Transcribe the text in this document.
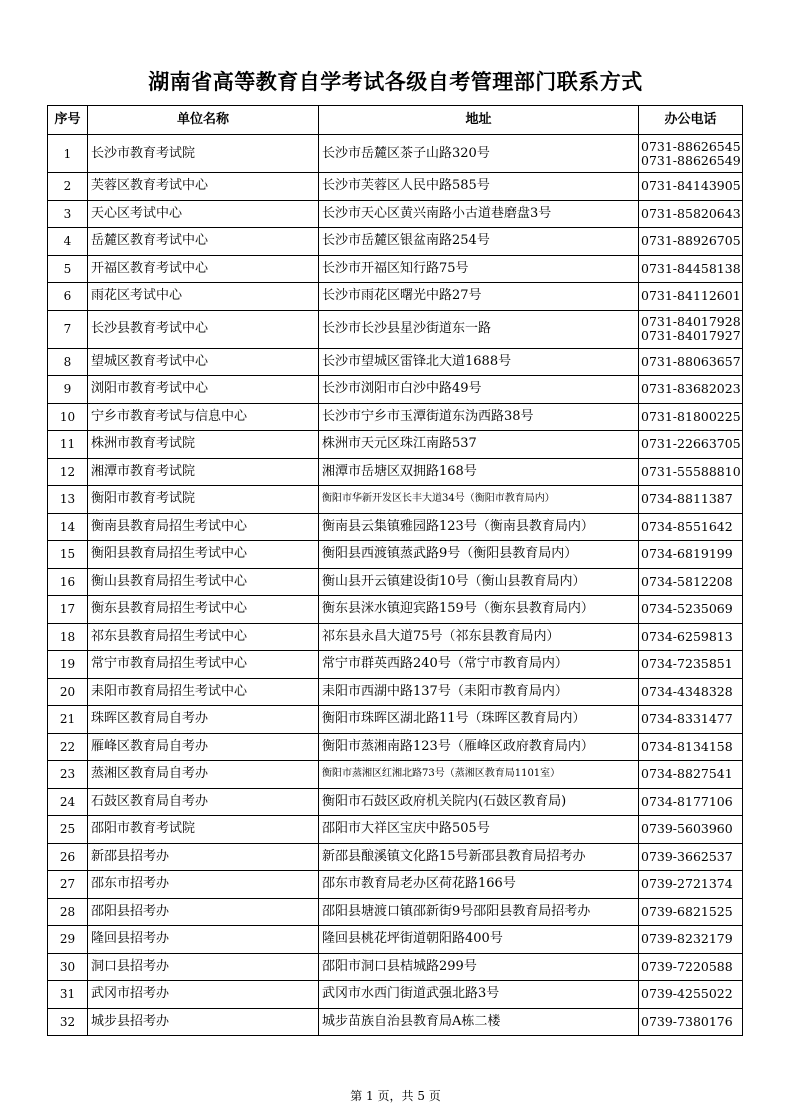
湖南省高等教育自学考试各级自考管理部门联系方式
序号	单位名称	地址	办公电话
1	长沙市教育考试院	长沙市岳麓区茶子山路320号	0731-88626545
0731-88626549

2	芙蓉区教育考试中心	长沙市芙蓉区人民中路585号	0731-84143905

3	天心区考试中心	长沙市天心区黄兴南路小古道巷磨盘3号	0731-85820643

4	岳麓区教育考试中心	长沙市岳麓区银盆南路254号	0731-88926705

5	开福区教育考试中心	长沙市开福区知行路75号	0731-84458138

6	雨花区考试中心	长沙市雨花区曙光中路27号	0731-84112601

7	长沙县教育考试中心	长沙市长沙县星沙街道东一路	0731-84017928
0731-84017927

8	望城区教育考试中心	长沙市望城区雷锋北大道1688号	0731-88063657

9	浏阳市教育考试中心	长沙市浏阳市白沙中路49号	0731-83682023

10	宁乡市教育考试与信息中心	长沙市宁乡市玉潭街道东沩西路38号	0731-81800225

11	株洲市教育考试院	株洲市天元区珠江南路537	0731-22663705

12	湘潭市教育考试院	湘潭市岳塘区双拥路168号	0731-55588810

13	衡阳市教育考试院	衡阳市华新开发区长丰大道34号（衡阳市教育局内）	0734-8811387

14	衡南县教育局招生考试中心	衡南县云集镇雅园路123号（衡南县教育局内）	0734-8551642

15	衡阳县教育局招生考试中心	衡阳县西渡镇蒸武路9号（衡阳县教育局内）	0734-6819199

16	衡山县教育局招生考试中心	衡山县开云镇建设街10号（衡山县教育局内）	0734-5812208

17	衡东县教育局招生考试中心	衡东县洣水镇迎宾路159号（衡东县教育局内）	0734-5235069

18	祁东县教育局招生考试中心	祁东县永昌大道75号（祁东县教育局内）	0734-6259813

19	常宁市教育局招生考试中心	常宁市群英西路240号（常宁市教育局内）	0734-7235851

20	耒阳市教育局招生考试中心	耒阳市西湖中路137号（耒阳市教育局内）	0734-4348328

21	珠晖区教育局自考办	衡阳市珠晖区湖北路11号（珠晖区教育局内）	0734-8331477

22	雁峰区教育局自考办	衡阳市蒸湘南路123号（雁峰区政府教育局内）	0734-8134158

23	蒸湘区教育局自考办	衡阳市蒸湘区红湘北路73号（蒸湘区教育局1101室）	0734-8827541

24	石鼓区教育局自考办	衡阳市石鼓区政府机关院内(石鼓区教育局)	0734-8177106

25	邵阳市教育考试院	邵阳市大祥区宝庆中路505号	0739-5603960

26	新邵县招考办	新邵县酿溪镇文化路15号新邵县教育局招考办	0739-3662537

27	邵东市招考办	邵东市教育局老办区荷花路166号	0739-2721374

28	邵阳县招考办	邵阳县塘渡口镇邵新街9号邵阳县教育局招考办	0739-6821525

29	隆回县招考办	隆回县桃花坪街道朝阳路400号	0739-8232179

30	洞口县招考办	邵阳市洞口县桔城路299号	0739-7220588

31	武冈市招考办	武冈市水西门街道武强北路3号	0739-4255022

32	城步县招考办	城步苗族自治县教育局A栋二楼	0739-7380176
第 1 页，共 5 页
